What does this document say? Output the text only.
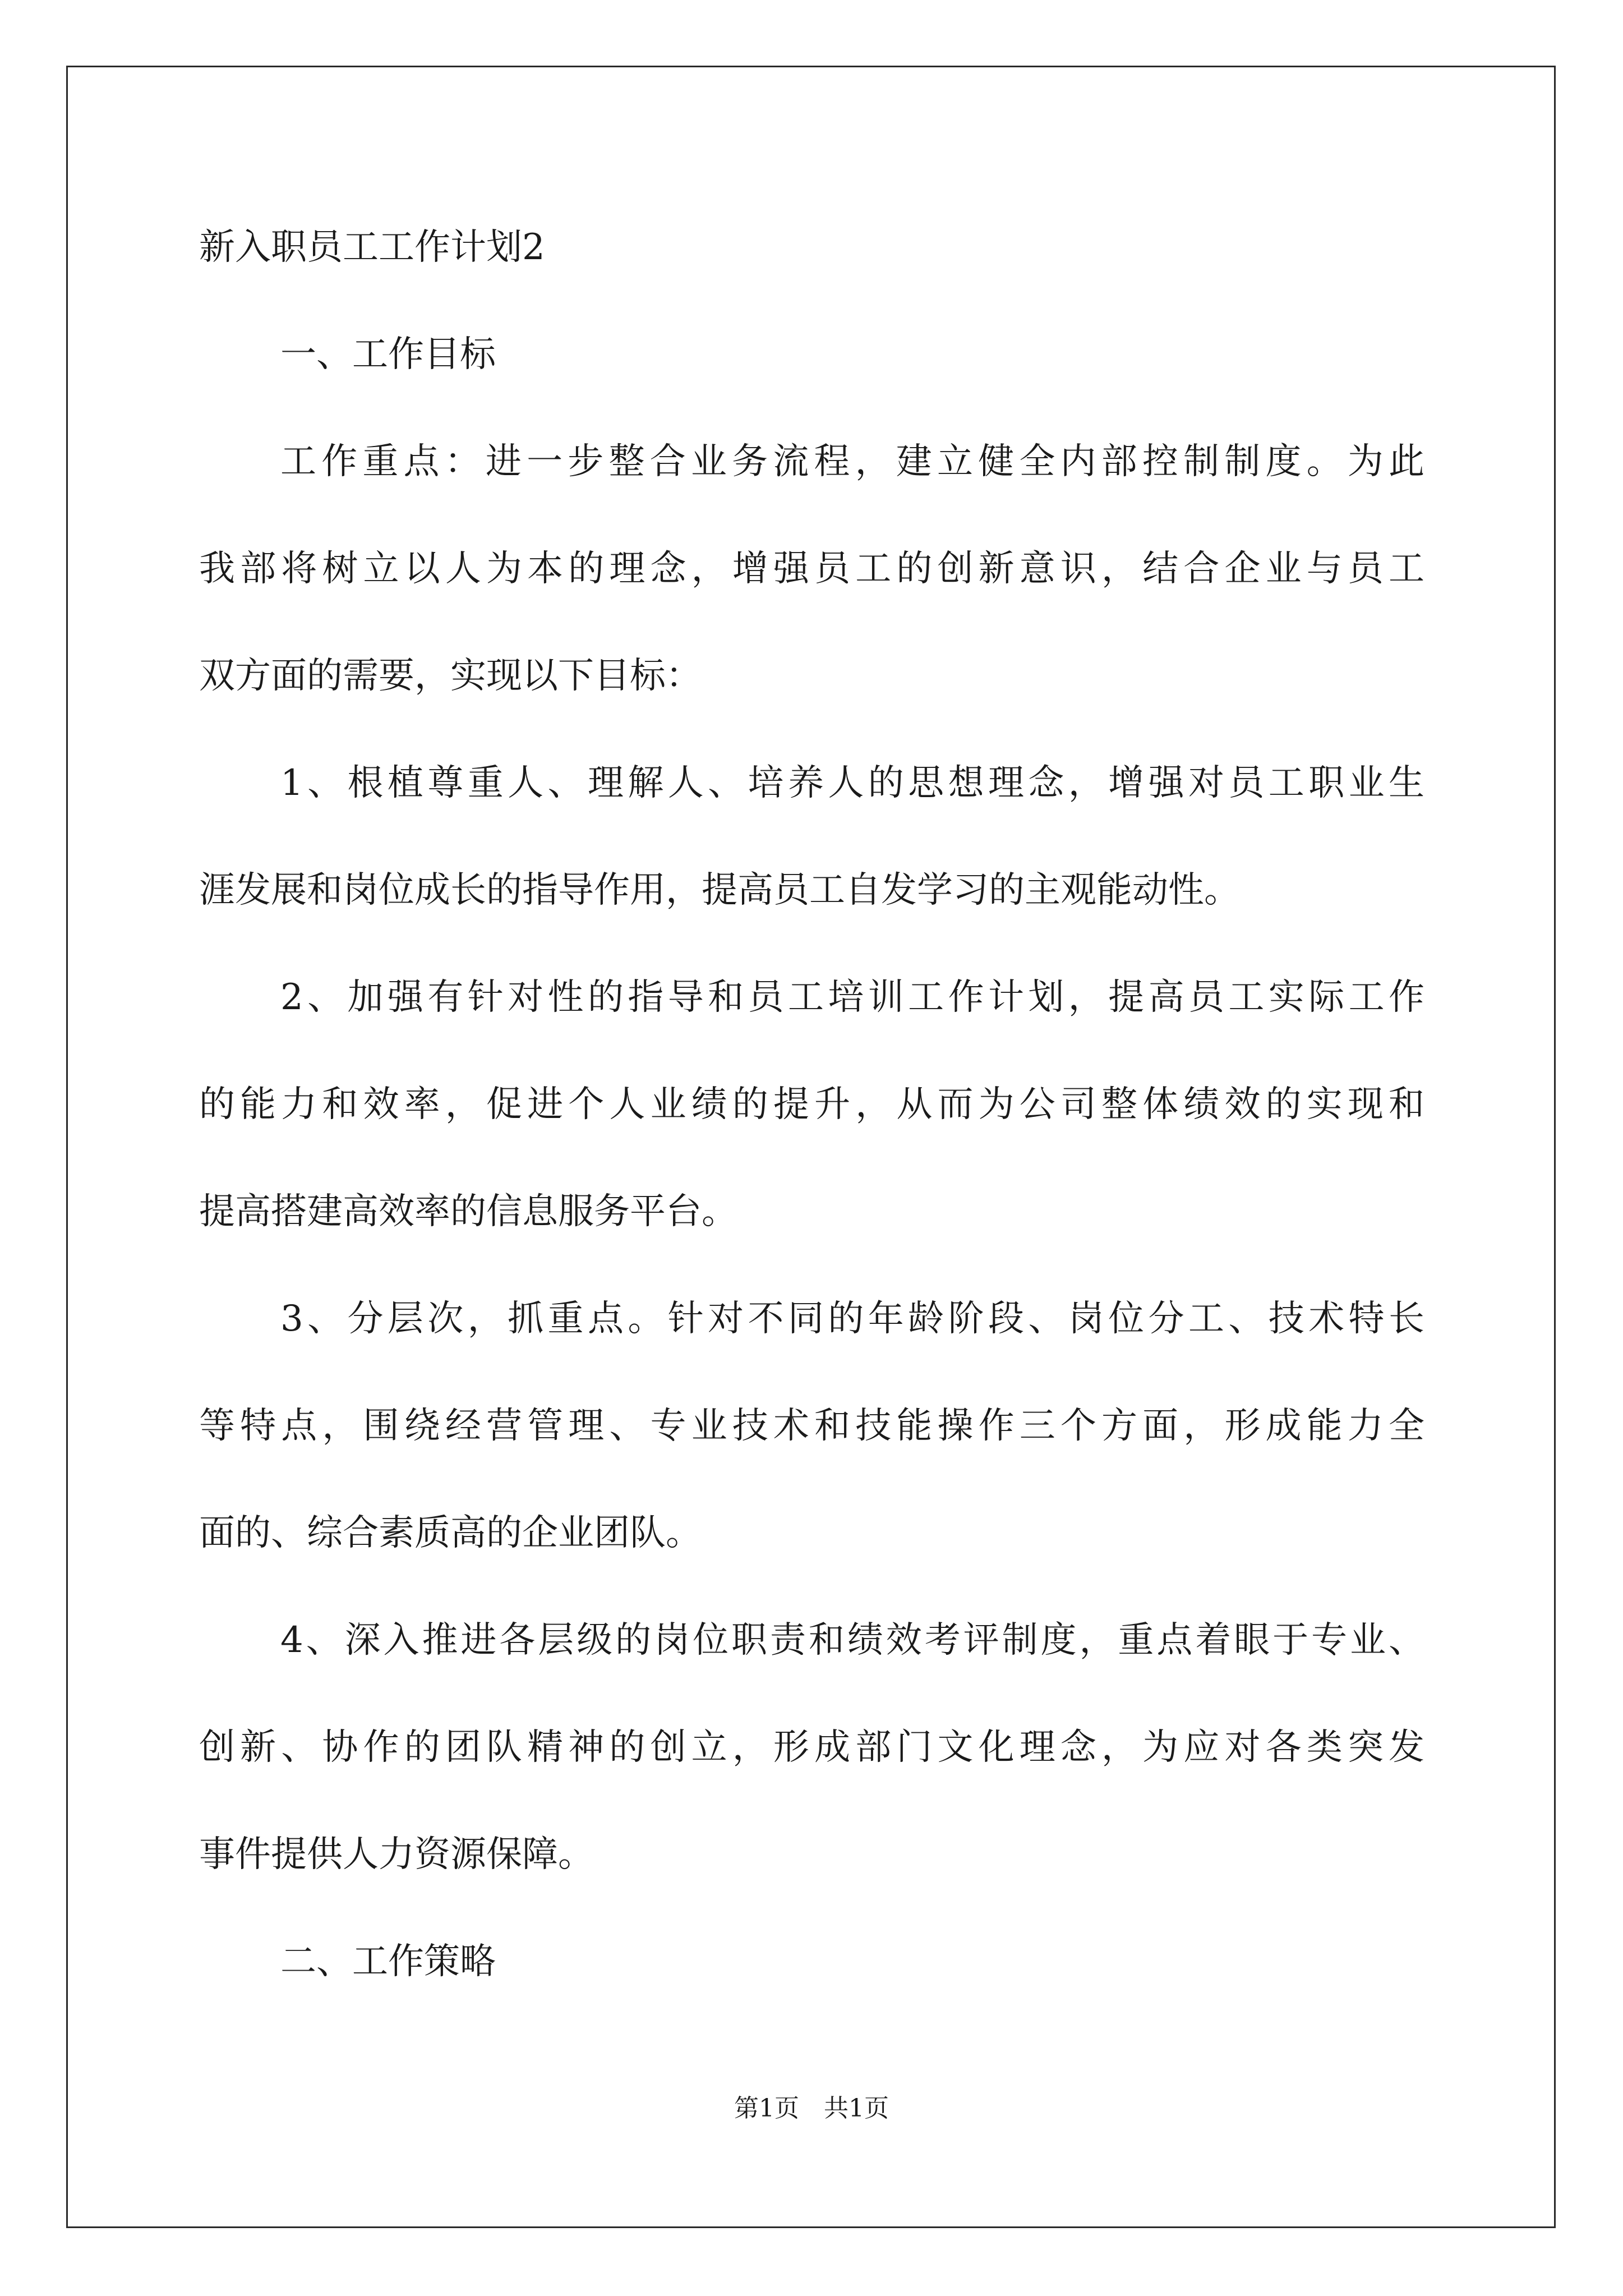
新入职员工工作计划2

一、工作目标

工作重点：进一步整合业务流程，建立健全内部控制制度。为此

我部将树立以人为本的理念，增强员工的创新意识，结合企业与员工

双方面的需要，实现以下目标：

1、根植尊重人、理解人、培养人的思想理念，增强对员工职业生

涯发展和岗位成长的指导作用，提高员工自发学习的主观能动性。

2、加强有针对性的指导和员工培训工作计划，提高员工实际工作

的能力和效率，促进个人业绩的提升，从而为公司整体绩效的实现和

提高搭建高效率的信息服务平台。

3、分层次，抓重点。针对不同的年龄阶段、岗位分工、技术特长

等特点，围绕经营管理、专业技术和技能操作三个方面，形成能力全

面的、综合素质高的企业团队。

4、深入推进各层级的岗位职责和绩效考评制度，重点着眼于专业、

创新、协作的团队精神的创立，形成部门文化理念，为应对各类突发

事件提供人力资源保障。

二、工作策略

第1页 共1页
